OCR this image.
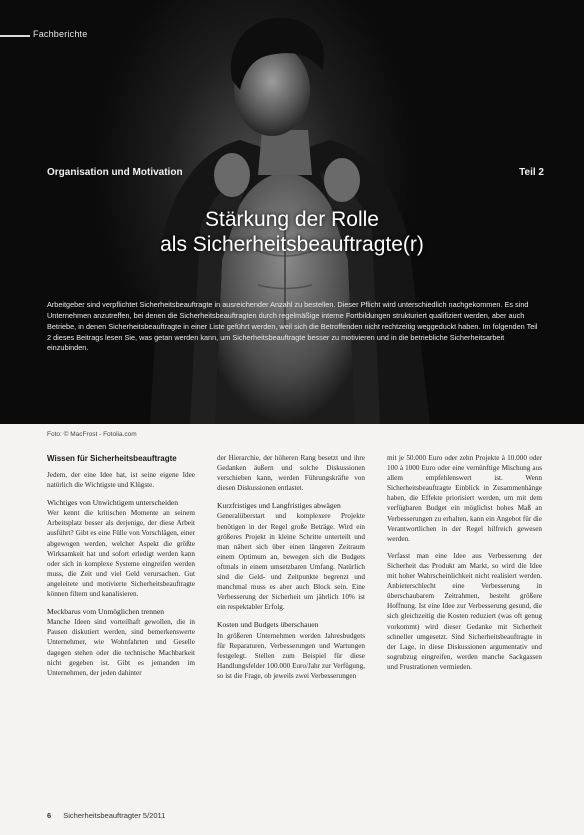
Fachberichte
Organisation und Motivation	Teil 2
Stärkung der Rolle
als Sicherheitsbeauftragte(r)

Arbeitgeber sind verpflichtet Sicherheitsbeauftragte in ausreichender Anzahl zu bestellen. Dieser Pflicht wird unterschiedlich nachgekommen. Es sind Unternehmen anzutreffen, bei denen die Sicherheitsbeauftragten durch regelmäßige interne Fortbildungen strukturiert qualifiziert werden, aber auch Betriebe, in denen Sicherheitsbeauftragte in einer Liste geführt werden, weil sich die Betroffenden nicht rechtzeitig weggeduckt haben. Im folgenden Teil 2 dieses Beitrags lesen Sie, was getan werden kann, um Sicherheitsbeauftragte besser zu motivieren und in die betriebliche Sicherheitsarbeit einzubinden.

Foto: © MacFrost - Fotolia.com
Wissen für Sicherheitsbeauftragte

Jedem, der eine Idee hat, ist seine eigene Idee natürlich die Wichtigste und Klügste.

Wichtiges von Unwichtigem unterscheiden

Wer kennt die kritischen Momente an seinem Arbeitsplatz besser als derjenige, der diese Arbeit ausführt? Gibt es eine Fülle von Vorschlägen, einer abgewogen werden, welcher Aspekt die größte Wirksamkeit hat und sofort erledigt werden kann oder sich in komplexe Systeme eingreifen werden muss, die Zeit und viel Geld verursachen. Gut angeleitete und motivierte Sicherheitsbeauftragte können filtern und kanalisieren.

Meckbarus vom Unmöglichen trennen

Manche Ideen sind vorteilhaft gewollen, die in Pausen diskutiert werden, sind bemerkenswerte Unternehmer, wie Wohnfahrten und Geselle dagegen stehen oder die technische Machbarkeit nicht gegeben ist. Gibt es jemanden im Unternehmen, der jeden dahinter

der Hierarchie, der höheren Rang besetzt und ihre Gedanken äußern und solche Diskussionen verschieben kann, werden Führungskräfte von diesen Diskussionen entlastet.

Kurzfristiges und Langfristiges abwägen

Generalüberstart und komplexere Projekte benötigen in der Regel große Beträge. Wird ein größeres Projekt in kleine Schritte unterteilt und man nähert sich über einen längeren Zeitraum einem Optimum an, bewegen sich die Budgets oftmals in einem umsetzbaren Umfang. Natürlich sind die Geld- und Zeitpunkte begrenzt und manchmal muss es aber auch Block sein. Eine Verbesserung der Sicherheit um jährlich 10% ist ein respektabler Erfolg.

Kosten und Budgets überschauen

In größeren Unternehmen werden Jahresbudgets für Reparaturen, Verbesserungen und Wartungen festgelegt. Stellen zum Beispiel für diese Handlungsfelder 100.000 Euro/Jahr zur Verfügung, so ist die Frage, ob jeweils zwei Verbesserungen

mit je 50.000 Euro oder zehn Projekte à 10.000 oder 100 à 1000 Euro oder eine vernünftige Mischung aus allem empfehlenswert ist. Wenn Sicherheitsbeauftragte Einblick in Zusammenhänge haben, die Effekte priorisiert werden, um mit dem verfügbaren Budget ein möglichst hohes Maß an Verbesserungen zu erhalten, kann ein Angebot für die Verantwortlichen in der Regel hilfreich gewesen werden.

Verfasst man eine Idee aus Verbesserung der Sicherheit das Produkt am Markt, so wird die Idee mit hoher Wahrscheinlichkeit nicht realisiert werden. Anbieterschlecht eine Verbesserung in überschaubarem Zeitrahmen, besteht größere Hoffnung. Ist eine Idee zur Verbesserung gesund, die sich gleichzeitig die Kosten reduziert (was oft genug vorkommt) wird dieser Gedanke mit Sicherheit schneller umgesetzt. Sind Sicherheitsbeauftragte in der Lage, in diese Diskussionen argumentativ und sogrubzug eingreifen, werden manche Sackgassen und Frustrationen vermieden.

6 Sicherheitsbeauftragter 5/2011
